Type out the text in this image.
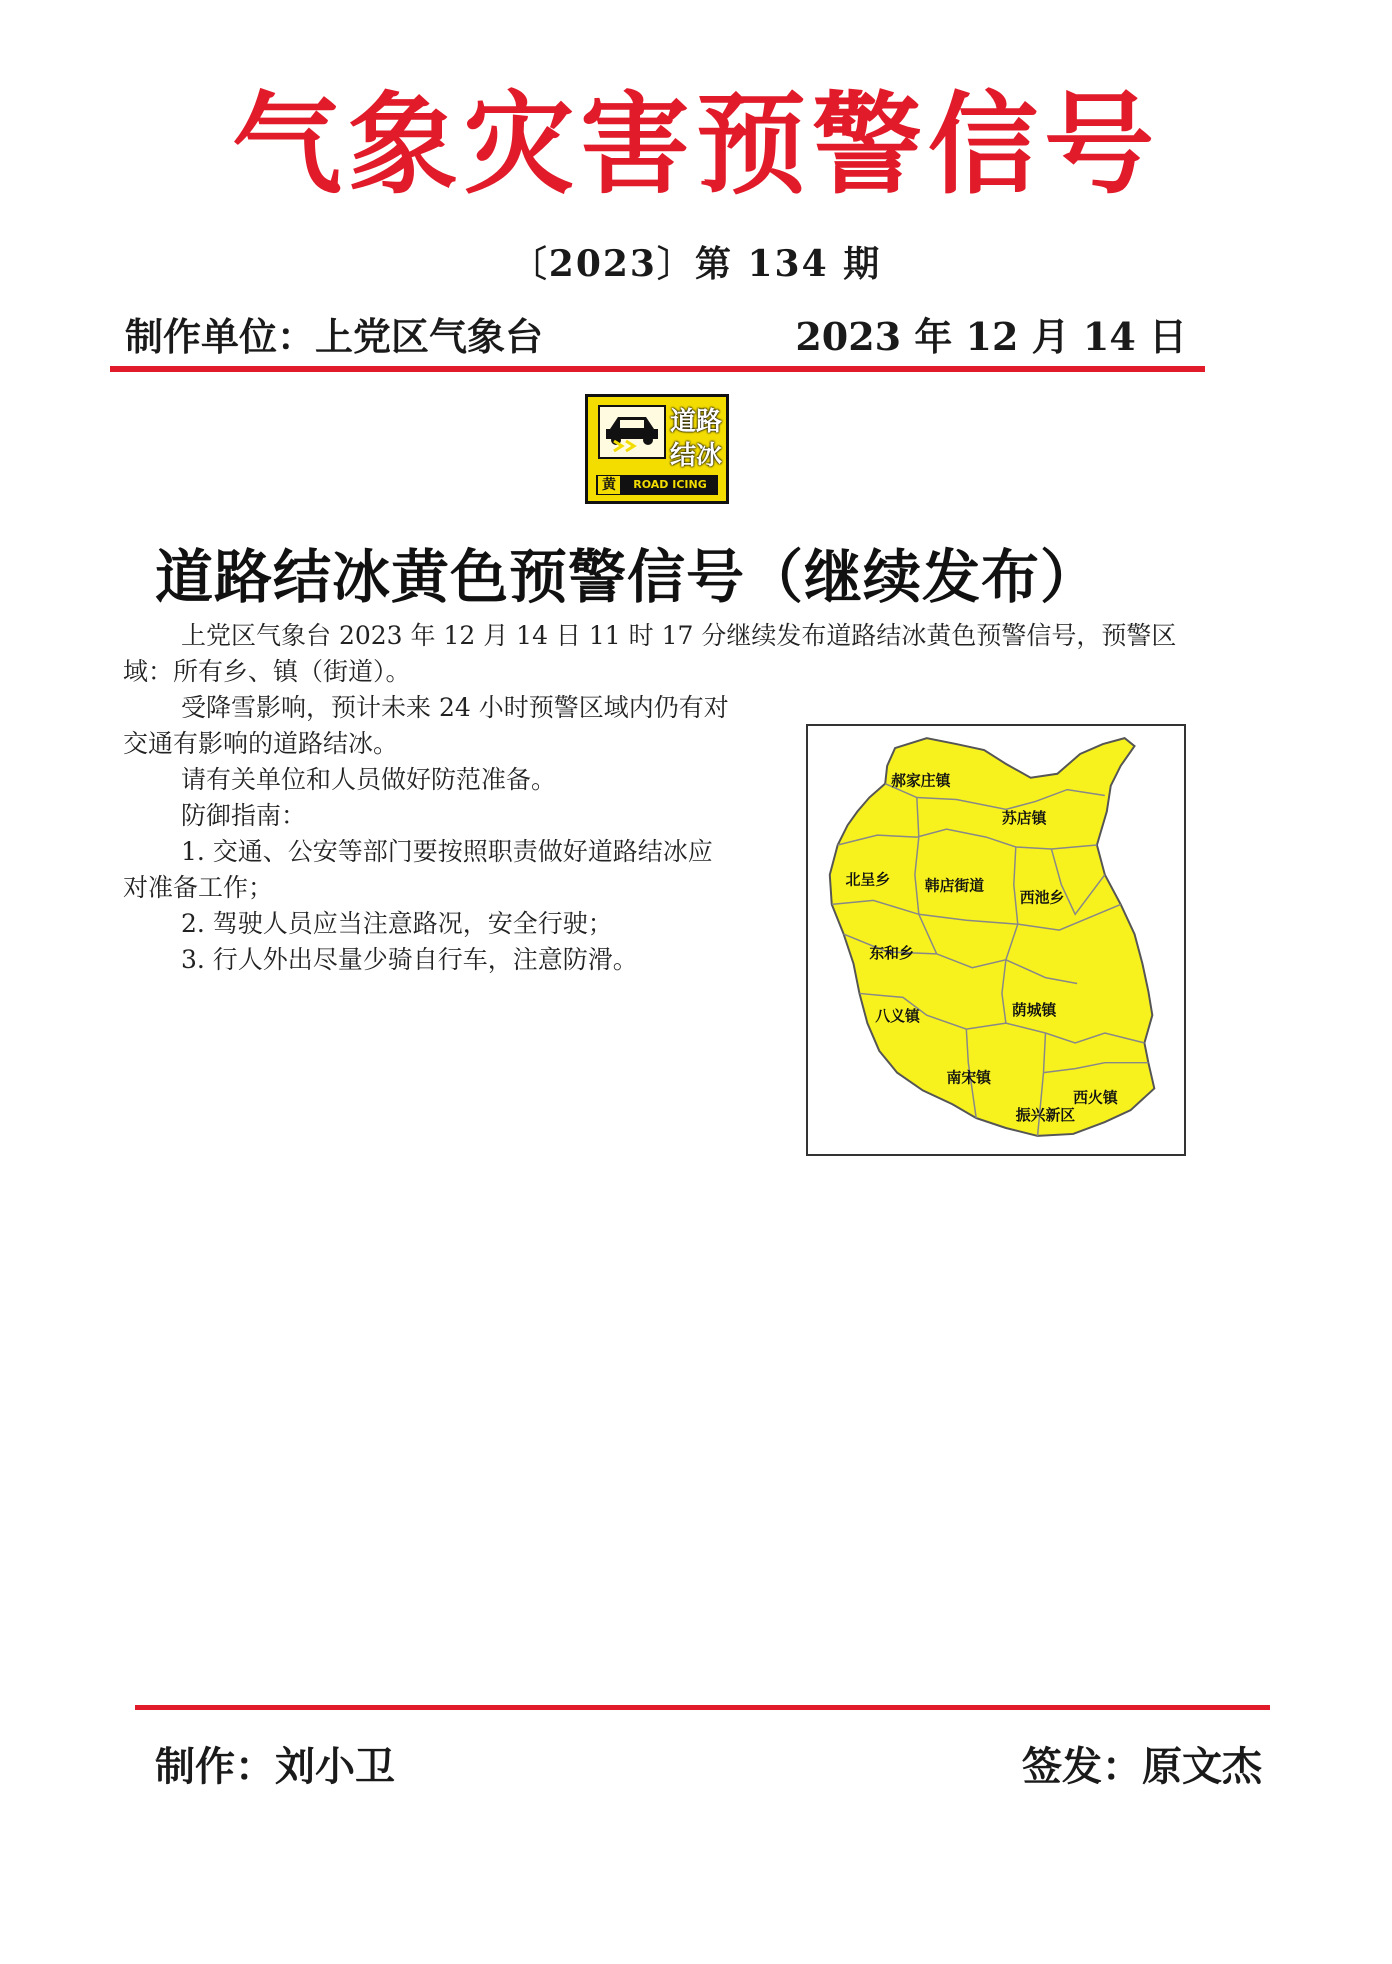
气象灾害预警信号
〔2023〕第 134 期
制作单位：上党区气象台	2023 年 12 月 14 日
道路
结冰
黄	ROAD ICING
道路结冰黄色预警信号（继续发布）
上党区气象台 2023 年 12 月 14 日 11 时 17 分继续发布道路结冰黄色预警信号，预警区域：所有乡、镇（街道）。
受降雪影响，预计未来 24 小时预警区域内仍有对
交通有影响的道路结冰。
请有关单位和人员做好防范准备。
防御指南：
1. 交通、公安等部门要按照职责做好道路结冰应
对准备工作；
2. 驾驶人员应当注意路况，安全行驶；
3. 行人外出尽量少骑自行车，注意防滑。
郝家庄镇
苏店镇
北呈乡 韩店街道
西池乡
东和乡
八义镇	荫城镇
南宋镇
西火镇
振兴新区
制作：刘小卫	签发：原文杰
